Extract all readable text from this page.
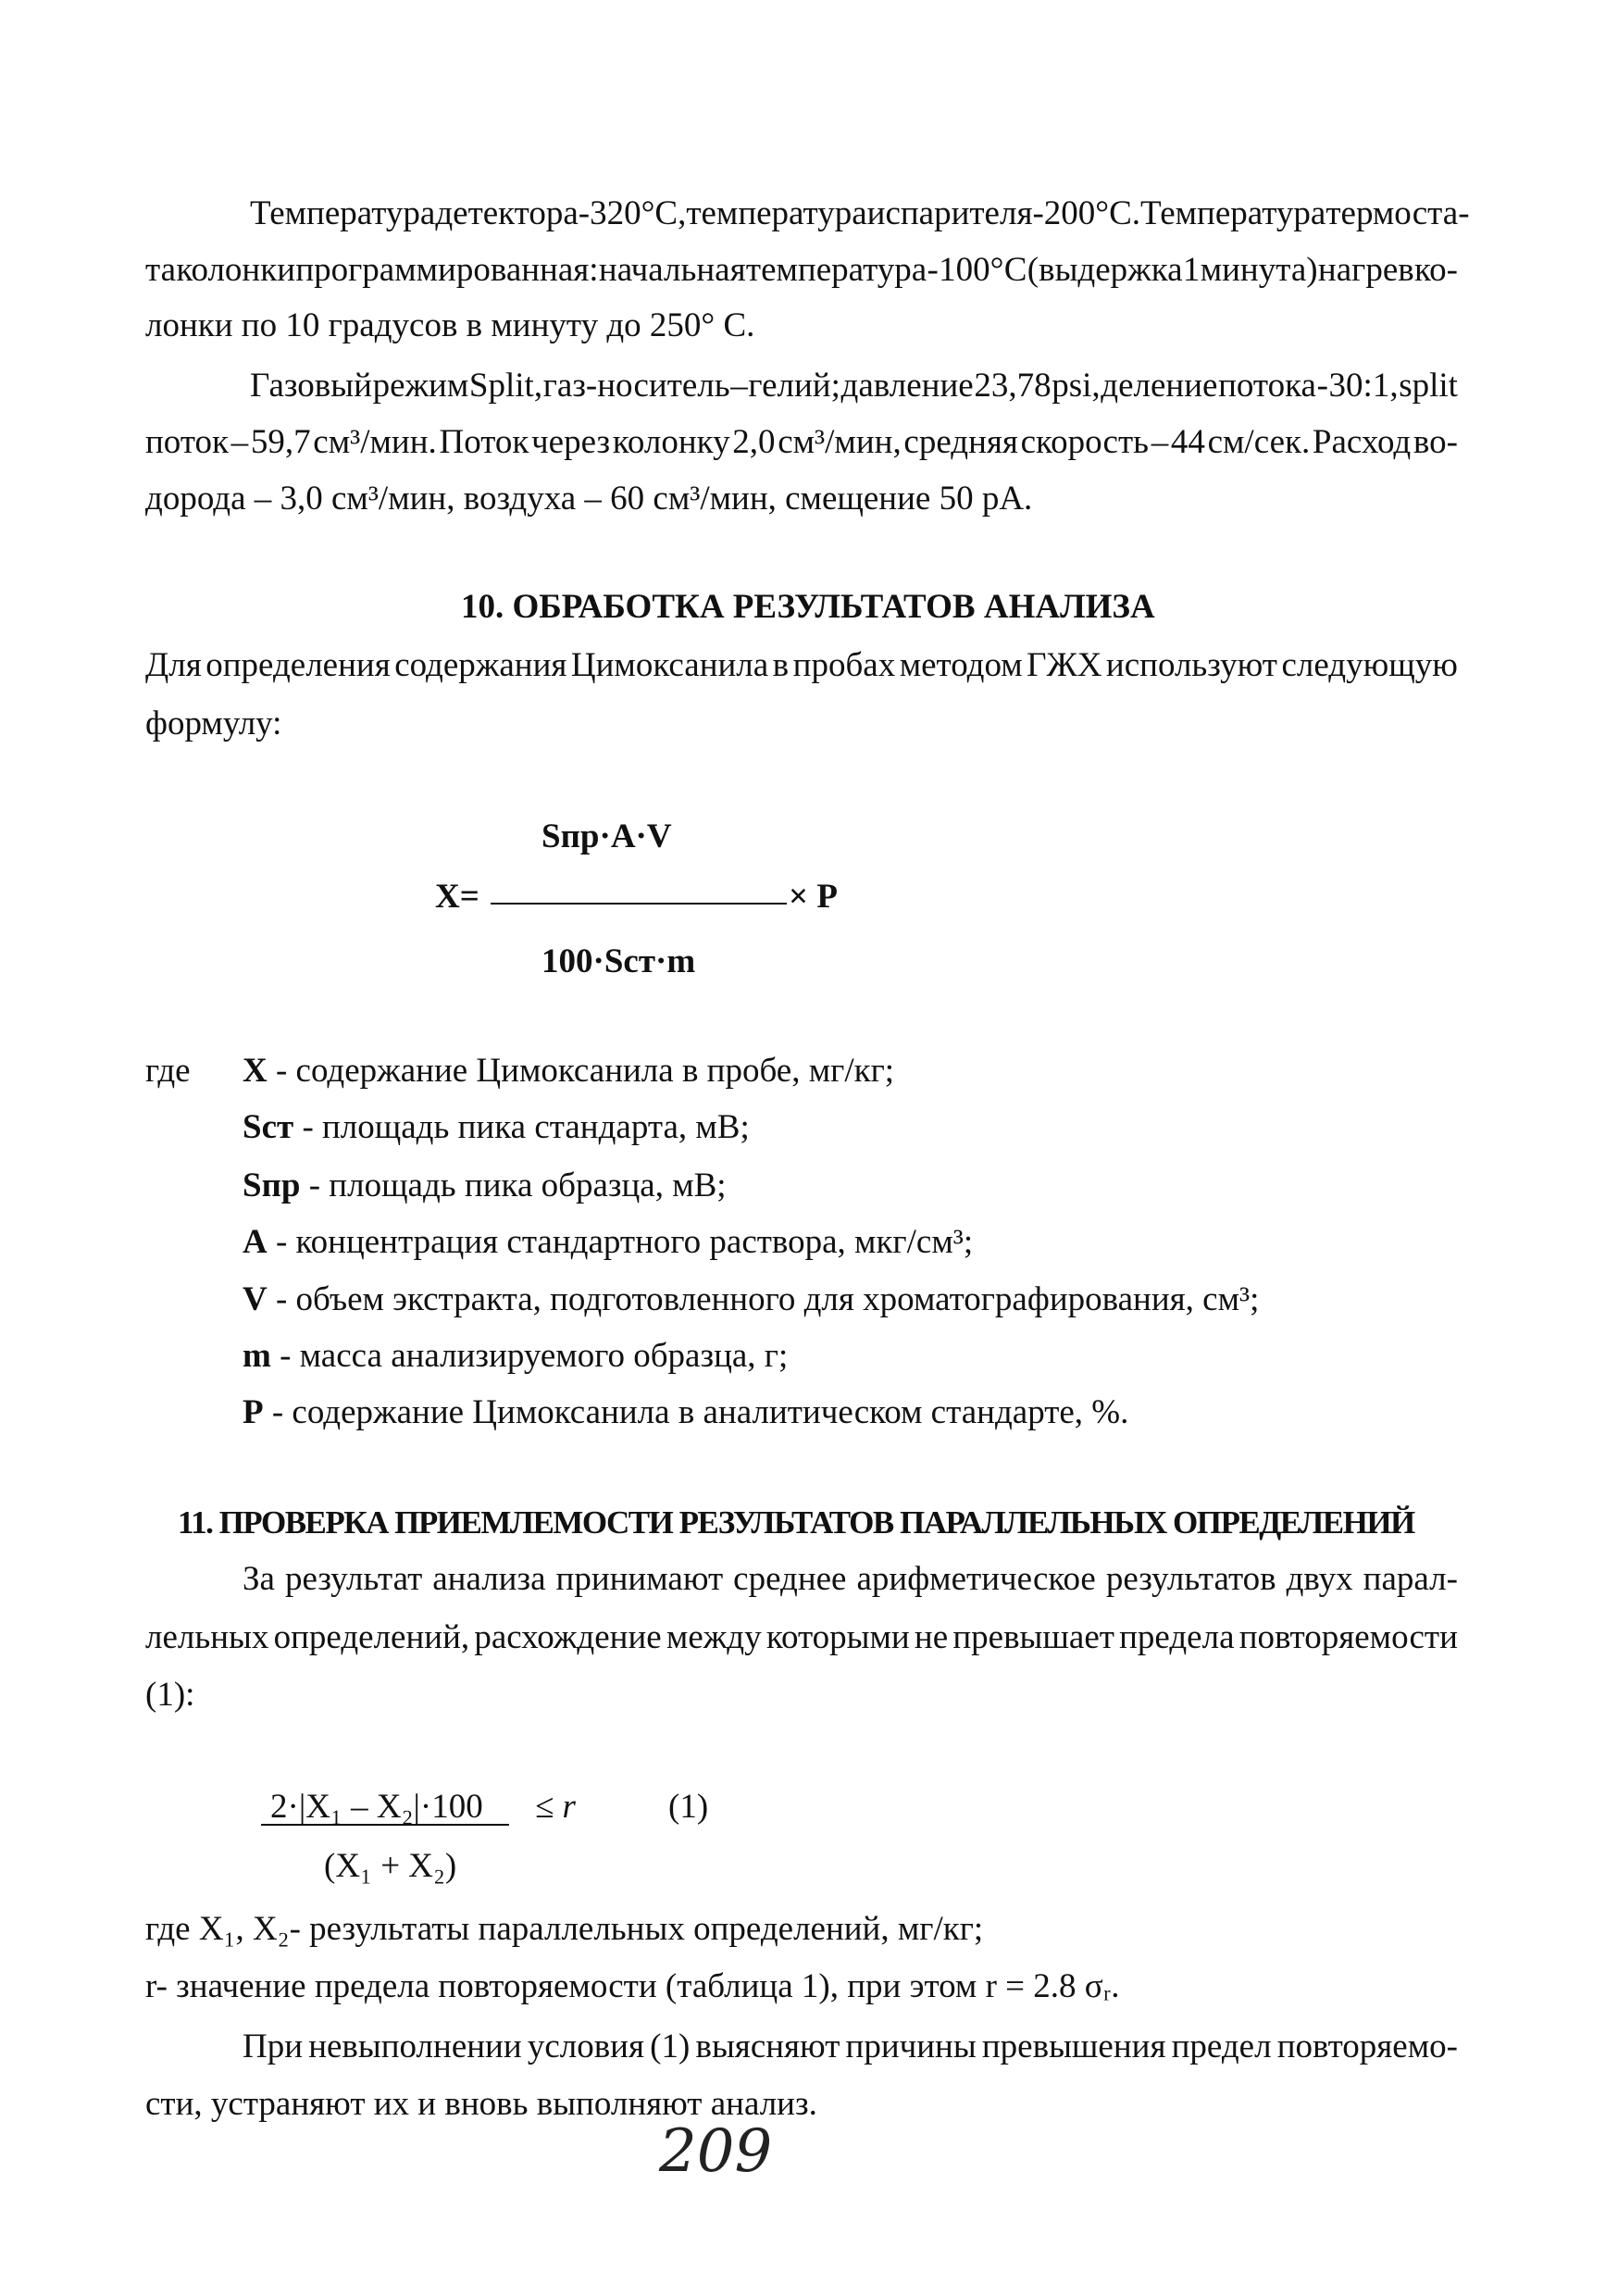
Температура детектора - 320° С, температура испарителя - 200° С. Температура термоста-
та колонки программированная: начальная температура - 100° С (выдержка 1 минута) нагрев ко-
лонки по 10 градусов в минуту до 250° С.
Газовый режим Split, газ-носитель – гелий; давление 23,78 psi, деление потока - 30:1, split
поток – 59,7 см³/мин. Поток через колонку 2,0 см³/мин, средняя скорость – 44 см/сек. Расход во-
дорода – 3,0 см³/мин, воздуха – 60 см³/мин, смещение 50 pA.
10. ОБРАБОТКА РЕЗУЛЬТАТОВ АНАЛИЗА
Для определения содержания Цимоксанила в пробах методом ГЖХ используют следующую
формулу:
Sпр·A·V
X=	× P
100·Sст·m
где X - содержание Цимоксанила в пробе, мг/кг;
Sст - площадь пика стандарта, мВ;
Sпр - площадь пика образца, мВ;
A - концентрация стандартного раствора, мкг/см³;
V - объем экстракта, подготовленного для хроматографирования, см³;
m - масса анализируемого образца, г;
P - содержание Цимоксанила в аналитическом стандарте, %.
11. ПРОВЕРКА ПРИЕМЛЕМОСТИ РЕЗУЛЬТАТОВ ПАРАЛЛЕЛЬНЫХ ОПРЕДЕЛЕНИЙ
За результат анализа принимают среднее арифметическое результатов двух парал-
лельных определений, расхождение между которыми не превышает предела повторяемости
(1):
2·|X₁ – X₂|·100 ≤ r	(1)
(X₁ + X₂)
где X₁, X₂- результаты параллельных определений, мг/кг;
r- значение предела повторяемости (таблица 1), при этом r = 2.8 σᵣ.
При невыполнении условия (1) выясняют причины превышения предел повторяемо-
сти, устраняют их и вновь выполняют анализ.
209
